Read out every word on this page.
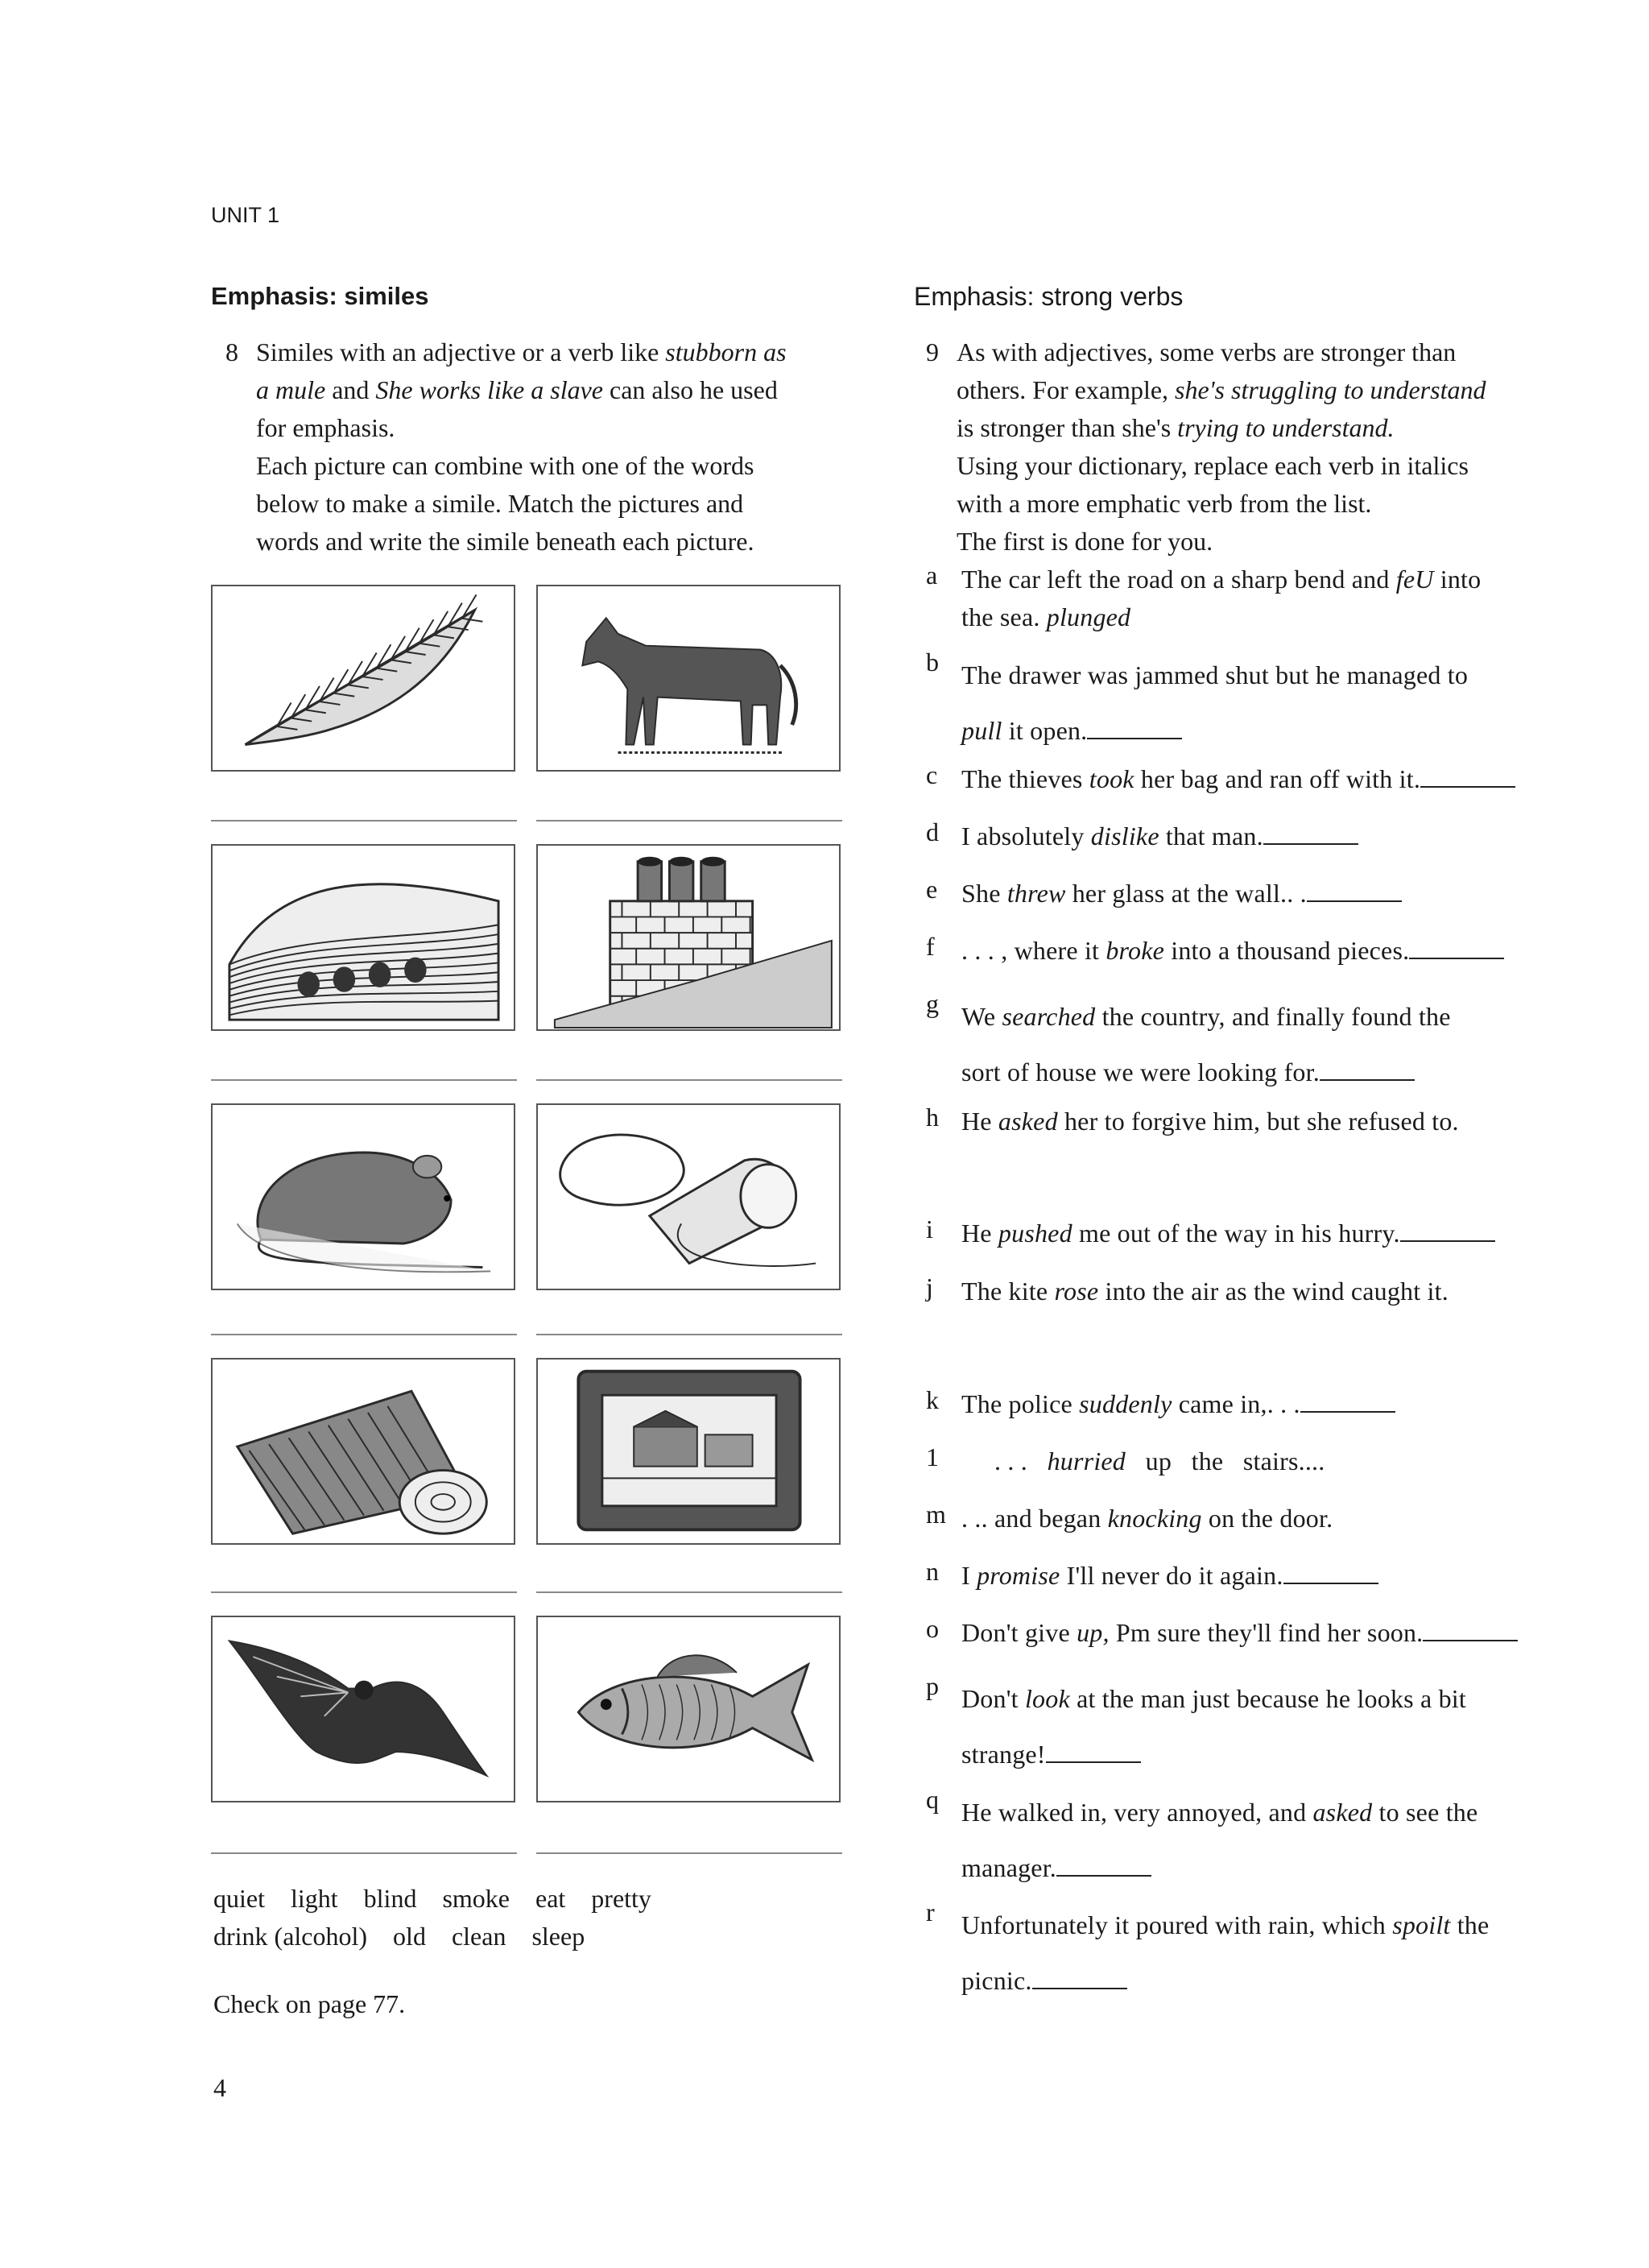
UNIT 1
Emphasis: similes	Emphasis: strong verbs
8 Similes with an adjective or a verb like stubborn as
a mule and She works like a slave can also he used
for emphasis.
Each picture can combine with one of the words
below to make a simile. Match the pictures and
words and write the simile beneath each picture.
9 As with adjectives, some verbs are stronger than
others. For example, she's struggling to understand
is stronger than she's trying to understand.
Using your dictionary, replace each verb in italics
with a more emphatic verb from the list.
The first is done for you.
a The car left the road on a sharp bend and feU into
the sea. plunged
b The drawer was jammed shut but he managed to
pull it open.
c The thieves took her bag and ran off with it.
d I absolutely dislike that man.
e She threw her glass at the wall.. .
f . . . , where it broke into a thousand pieces.
g We searched the country, and finally found the
sort of house we were looking for.
h He asked her to forgive him, but she refused to.
i He pushed me out of the way in his hurry.
j The kite rose into the air as the wind caught it.
k The police suddenly came in,. . .
1 . . .   hurried   up   the   stairs....
m . .. and began knocking on the door.
n I promise I'll never do it again.
o Don't give up, Pm sure they'll find her soon.
p Don't look at the man just because he looks a bit
strange!
q He walked in, very annoyed, and asked to see the
manager.
r Unfortunately it poured with rain, which spoilt the
picnic.
quiet light blind smoke eat pretty
drink (alcohol) old clean sleep
Check on page 77.
4
